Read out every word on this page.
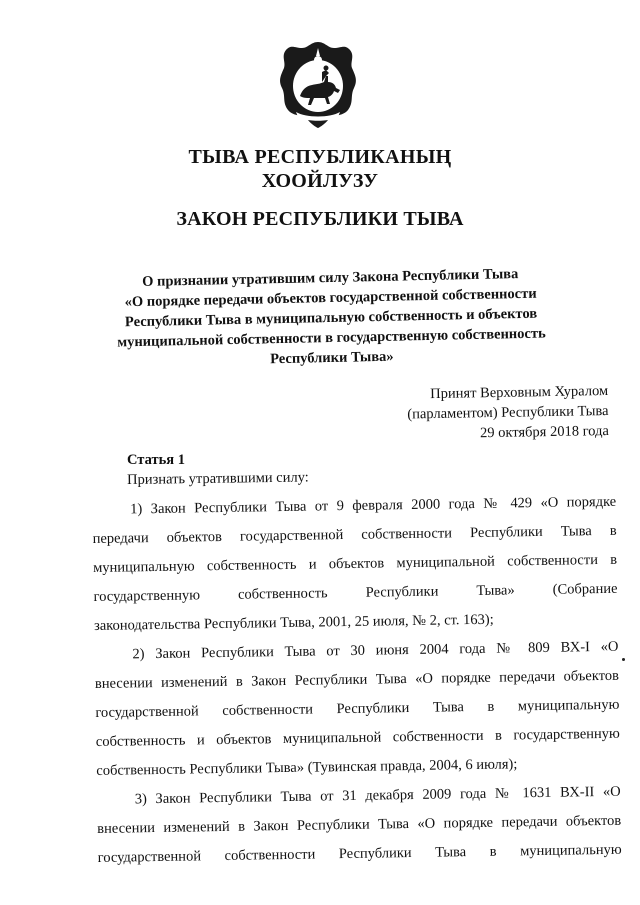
ТЫВА РЕСПУБЛИКАНЫҢ
ХООЙЛУЗУ
ЗАКОН РЕСПУБЛИКИ ТЫВА
О признании утратившим силу Закона Республики Тыва
«О порядке передачи объектов государственной собственности
Республики Тыва в муниципальную собственность и объектов
муниципальной собственности в государственную собственность
Республики Тыва»
Принят Верховным Хуралом
(парламентом) Республики Тыва
29 октября 2018 года
Статья 1
Признать утратившими силу:
1) Закон Республики Тыва от 9 февраля 2000 года № 429 «О порядке
передачи объектов государственной собственности Республики Тыва в
муниципальную собственность и объектов муниципальной собственности в
государственную собственность Республики Тыва» (Собрание
законодательства Республики Тыва, 2001, 25 июля, № 2, ст. 163);
2) Закон Республики Тыва от 30 июня 2004 года № 809 ВХ-I «О
внесении изменений в Закон Республики Тыва «О порядке передачи объектов
государственной собственности Республики Тыва в муниципальную
собственность и объектов муниципальной собственности в государственную
собственность Республики Тыва» (Тувинская правда, 2004, 6 июля);
3) Закон Республики Тыва от 31 декабря 2009 года № 1631 ВХ-II «О
внесении изменений в Закон Республики Тыва «О порядке передачи объектов
государственной собственности Республики Тыва в муниципальную
